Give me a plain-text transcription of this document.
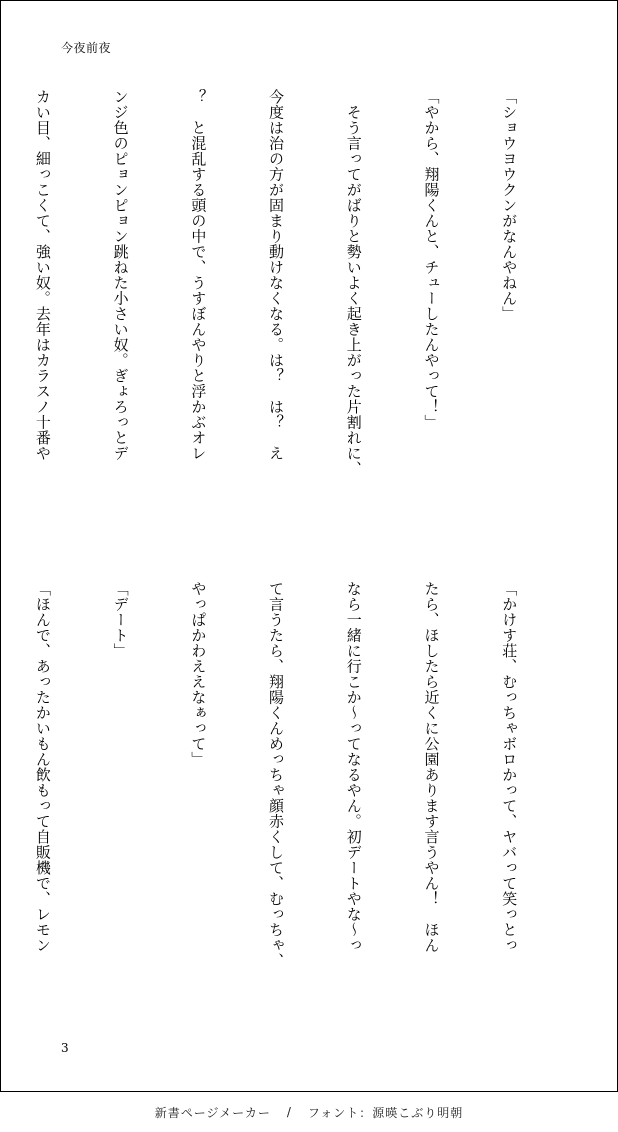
今夜前夜

「ショウヨウクンがなんやねん」

「やから、翔陽くんと、チューしたんやって！」

　そう言ってがばりと勢いよく起き上がった片割れに、

今度は治の方が固まり動けなくなる。は？　は？　え

？　と混乱する頭の中で、うすぼんやりと浮かぶオレ

ンジ色のピョンピョン跳ねた小さい奴。ぎょろっとデ

カい目、細っこくて、強い奴。去年はカラスノ十番や

「かけす荘、むっちゃボロかって、ヤバって笑っとっ

たら、ほしたら近くに公園あります言うやん！　ほん

なら一緒に行こか～ってなるやん。初デートやな～っ

て言うたら、翔陽くんめっちゃ顔赤くして、むっちゃ、

やっぱかわええなぁって」

「デート」

「ほんで、あったかいもん飲もって自販機で、レモン

3
新書ページメーカー / フォント：源暎こぶり明朝
